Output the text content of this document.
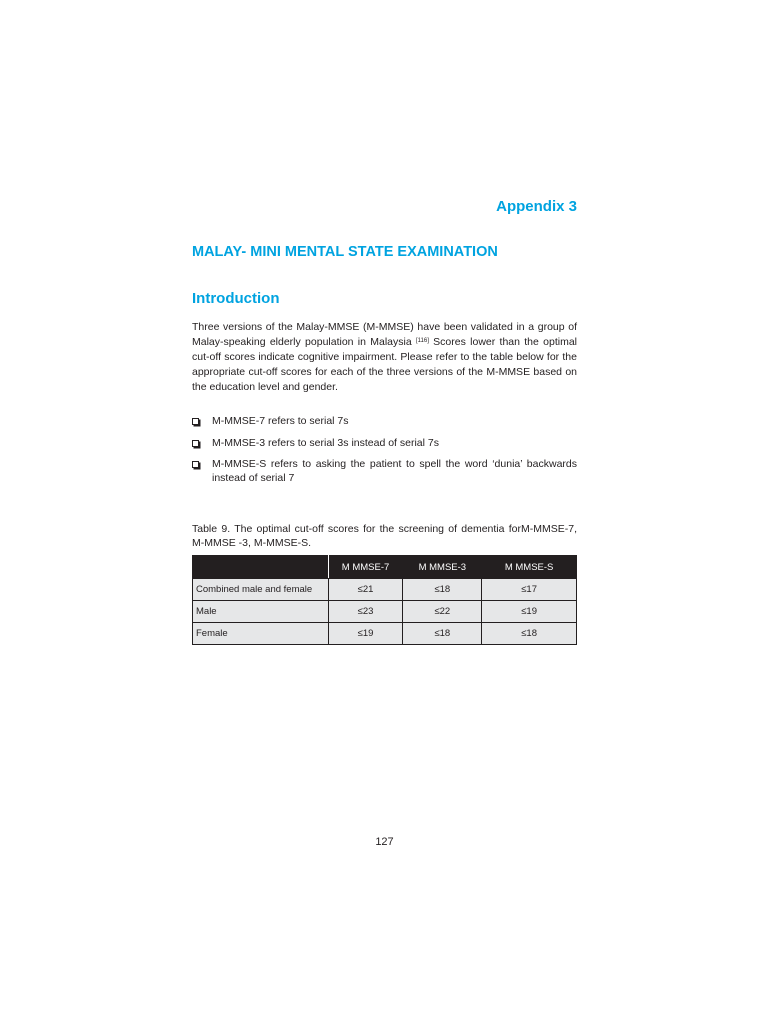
Appendix 3
MALAY- MINI MENTAL STATE EXAMINATION
Introduction

Three versions of the Malay-MMSE (M-MMSE) have been validated in a group of Malay-speaking elderly population in Malaysia [116] Scores lower than the optimal cut-off scores indicate cognitive impairment. Please refer to the table below for the appropriate cut-off scores for each of the three versions of the M-MMSE based on the education level and gender.

M-MMSE-7 refers to serial 7s
M-MMSE-3 refers to serial 3s instead of serial 7s
M-MMSE-S refers to asking the patient to spell the word ‘dunia’ backwards instead of serial 7

Table 9. The optimal cut-off scores for the screening of dementia forM-MMSE-7, M-MMSE -3, M-MMSE-S.

	M MMSE-7	M MMSE-3	M MMSE-S
Combined male and female	≤21	≤18	≤17
Male	≤23	≤22	≤19
Female	≤19	≤18	≤18
127
